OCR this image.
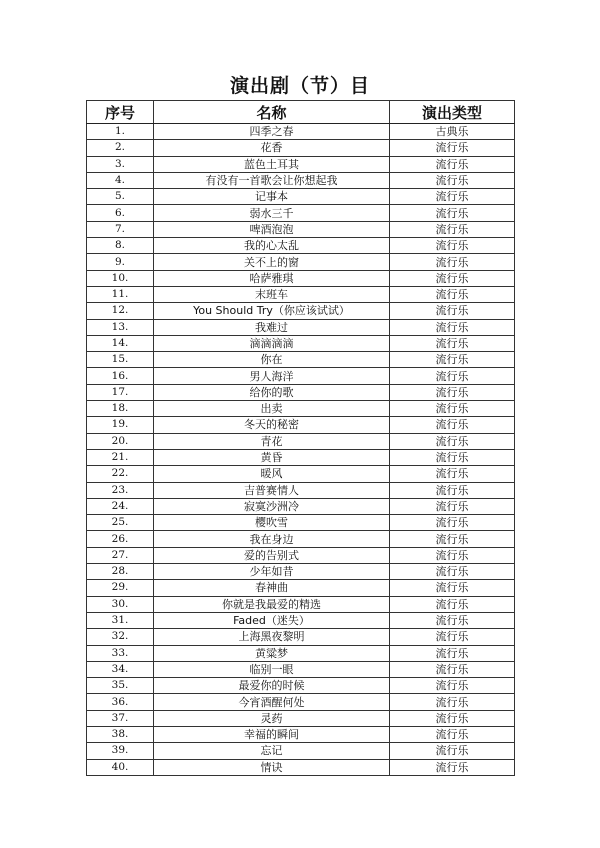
演出剧（节）目
序号	名称	演出类型
1.	四季之春	古典乐
2.	花香	流行乐
3.	蓝色土耳其	流行乐
4.	有没有一首歌会让你想起我	流行乐
5.	记事本	流行乐
6.	弱水三千	流行乐
7.	啤酒泡泡	流行乐
8.	我的心太乱	流行乐
9.	关不上的窗	流行乐
10.	哈萨雅琪	流行乐
11.	末班车	流行乐
12.	You Should Try（你应该试试）	流行乐
13.	我难过	流行乐
14.	滴滴滴滴	流行乐
15.	你在	流行乐
16.	男人海洋	流行乐
17.	给你的歌	流行乐
18.	出卖	流行乐
19.	冬天的秘密	流行乐
20.	青花	流行乐
21.	黄昏	流行乐
22.	暖风	流行乐
23.	吉普赛情人	流行乐
24.	寂寞沙洲冷	流行乐
25.	樱吹雪	流行乐
26.	我在身边	流行乐
27.	爱的告别式	流行乐
28.	少年如昔	流行乐
29.	春神曲	流行乐
30.	你就是我最爱的精选	流行乐
31.	Faded（迷失）	流行乐
32.	上海黑夜黎明	流行乐
33.	黄粱梦	流行乐
34.	临别一眼	流行乐
35.	最爱你的时候	流行乐
36.	今宵酒醒何处	流行乐
37.	灵药	流行乐
38.	幸福的瞬间	流行乐
39.	忘记	流行乐
40.	情诀	流行乐
